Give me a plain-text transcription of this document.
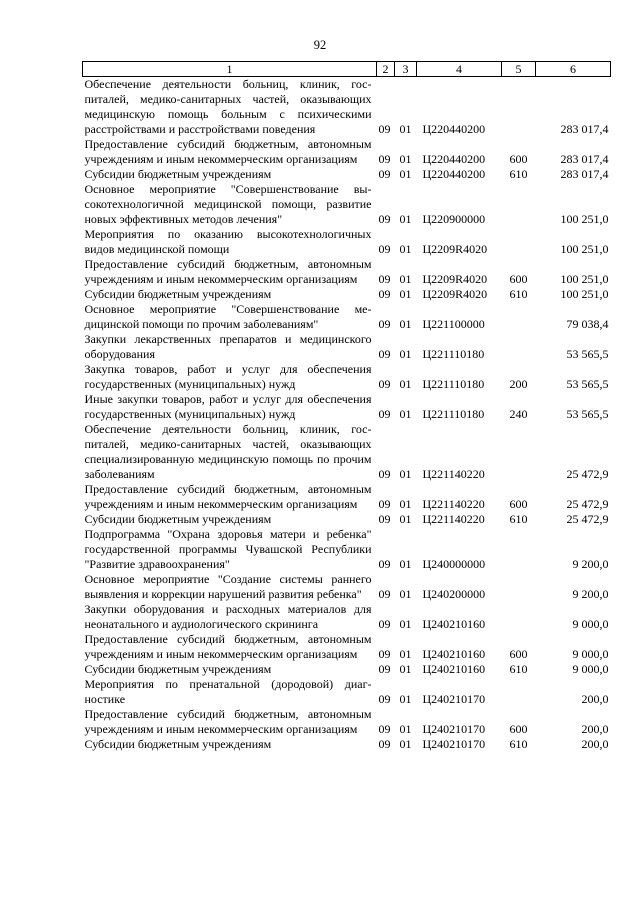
92
1	2	3	4	5	6
Обеспечение деятельности больниц, клиник, госпиталей, медико-санитарных частей, оказывающих медицинскую помощь больным с психическими расстройствами и расстройствами поведения	09	01	Ц220440200		283 017,4
Предоставление субсидий бюджетным, автономным учреждениям и иным некоммерческим организациям	09	01	Ц220440200	600	283 017,4
Субсидии бюджетным учреждениям	09	01	Ц220440200	610	283 017,4
Основное мероприятие "Совершенствование высокотехнологичной медицинской помощи, развитие новых эффективных методов лечения"	09	01	Ц220900000		100 251,0
Мероприятия по оказанию высокотехнологичных видов медицинской помощи	09	01	Ц2209R4020		100 251,0
Предоставление субсидий бюджетным, автономным учреждениям и иным некоммерческим организациям	09	01	Ц2209R4020	600	100 251,0
Субсидии бюджетным учреждениям	09	01	Ц2209R4020	610	100 251,0
Основное мероприятие "Совершенствование медицинской помощи по прочим заболеваниям"	09	01	Ц221100000		79 038,4
Закупки лекарственных препаратов и медицинского оборудования	09	01	Ц221110180		53 565,5
Закупка товаров, работ и услуг для обеспечения государственных (муниципальных) нужд	09	01	Ц221110180	200	53 565,5
Иные закупки товаров, работ и услуг для обеспечения государственных (муниципальных) нужд	09	01	Ц221110180	240	53 565,5
Обеспечение деятельности больниц, клиник, госпиталей, медико-санитарных частей, оказывающих специализированную медицинскую помощь по прочим заболеваниям	09	01	Ц221140220		25 472,9
Предоставление субсидий бюджетным, автономным учреждениям и иным некоммерческим организациям	09	01	Ц221140220	600	25 472,9
Субсидии бюджетным учреждениям	09	01	Ц221140220	610	25 472,9
Подпрограмма "Охрана здоровья матери и ребенка" государственной программы Чувашской Республики "Развитие здравоохранения"	09	01	Ц240000000		9 200,0
Основное мероприятие "Создание системы раннего выявления и коррекции нарушений развития ребенка"	09	01	Ц240200000		9 200,0
Закупки оборудования и расходных материалов для неонатального и аудиологического скрининга	09	01	Ц240210160		9 000,0
Предоставление субсидий бюджетным, автономным учреждениям и иным некоммерческим организациям	09	01	Ц240210160	600	9 000,0
Субсидии бюджетным учреждениям	09	01	Ц240210160	610	9 000,0
Мероприятия по пренатальной (дородовой) диагностике	09	01	Ц240210170		200,0
Предоставление субсидий бюджетным, автономным учреждениям и иным некоммерческим организациям	09	01	Ц240210170	600	200,0
Субсидии бюджетным учреждениям	09	01	Ц240210170	610	200,0
